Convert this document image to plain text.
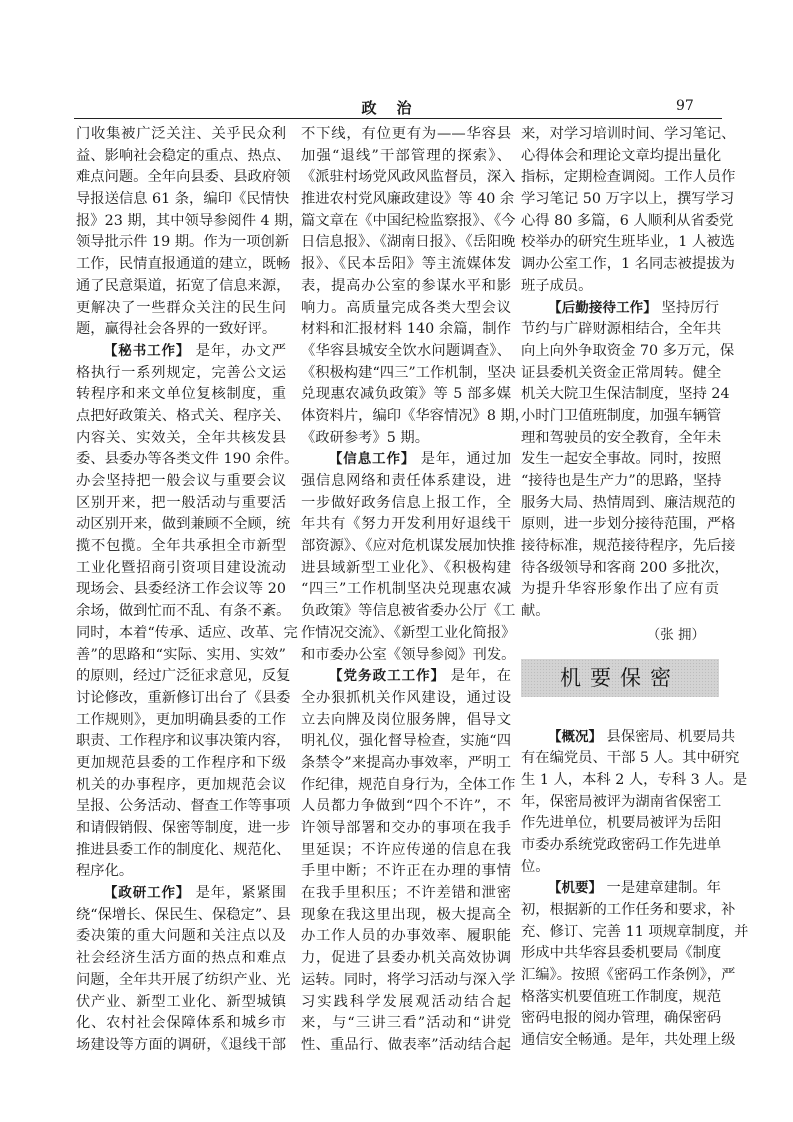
政治	97
门收集被广泛关注、关乎民众利
益、影响社会稳定的重点、热点、
难点问题。全年向县委、县政府领
导报送信息 61 条，编印《民情快
报》23 期，其中领导参阅件 4 期，
领导批示件 19 期。作为一项创新
工作，民情直报通道的建立，既畅
通了民意渠道，拓宽了信息来源，
更解决了一些群众关注的民生问
题，赢得社会各界的一致好评。
【秘书工作】 是年，办文严
格执行一系列规定，完善公文运
转程序和来文单位复核制度，重
点把好政策关、格式关、程序关、
内容关、实效关，全年共核发县
委、县委办等各类文件 190 余件。
办会坚持把一般会议与重要会议
区别开来，把一般活动与重要活
动区别开来，做到兼顾不全顾，统
揽不包揽。全年共承担全市新型
工业化暨招商引资项目建设流动
现场会、县委经济工作会议等 20
余场，做到忙而不乱、有条不紊。
同时，本着“传承、适应、改革、完
善”的思路和“实际、实用、实效”
的原则，经过广泛征求意见，反复
讨论修改，重新修订出台了《县委
工作规则》，更加明确县委的工作
职责、工作程序和议事决策内容，
更加规范县委的工作程序和下级
机关的办事程序，更加规范会议
呈报、公务活动、督查工作等事项
和请假销假、保密等制度，进一步
推进县委工作的制度化、规范化、
程序化。
【政研工作】 是年，紧紧围
绕“保增长、保民生、保稳定”、县
委决策的重大问题和关注点以及
社会经济生活方面的热点和难点
问题，全年共开展了纺织产业、光
伏产业、新型工业化、新型城镇
化、农村社会保障体系和城乡市
场建设等方面的调研，《退线干部
不下线，有位更有为——华容县
加强“退线”干部管理的探索》、
《派驻村场党风政风监督员，深入
推进农村党风廉政建设》等 40 余
篇文章在《中国纪检监察报》、《今
日信息报》、《湖南日报》、《岳阳晚
报》、《民本岳阳》等主流媒体发
表，提高办公室的参谋水平和影
响力。高质量完成各类大型会议
材料和汇报材料 140 余篇，制作
《华容县城安全饮水问题调查》、
《积极构建“四三”工作机制，坚决
兑现惠农减负政策》等 5 部多媒
体资料片，编印《华容情况》8 期，
《政研参考》5 期。
【信息工作】 是年，通过加
强信息网络和责任体系建设，进
一步做好政务信息上报工作，全
年共有《努力开发利用好退线干
部资源》、《应对危机谋发展加快推
进县域新型工业化》、《积极构建
“四三”工作机制坚决兑现惠农减
负政策》等信息被省委办公厅《工
作情况交流》、《新型工业化简报》
和市委办公室《领导参阅》刊发。
【党务政工工作】 是年，在
全办狠抓机关作风建设，通过设
立去向牌及岗位服务牌，倡导文
明礼仪，强化督导检查，实施“四
条禁令”来提高办事效率，严明工
作纪律，规范自身行为，全体工作
人员都力争做到“四个不许”，不
许领导部署和交办的事项在我手
里延误；不许应传递的信息在我
手里中断；不许正在办理的事情
在我手里积压；不许差错和泄密
现象在我这里出现，极大提高全
办工作人员的办事效率、履职能
力，促进了县委办机关高效协调
运转。同时，将学习活动与深入学
习实践科学发展观活动结合起
来，与“三讲三看”活动和“讲党
性、重品行、做表率”活动结合起
来，对学习培训时间、学习笔记、
心得体会和理论文章均提出量化
指标，定期检查调阅。工作人员作
学习笔记 50 万字以上，撰写学习
心得 80 多篇，6 人顺利从省委党
校举办的研究生班毕业，1 人被选
调办公室工作，1 名同志被提拔为
班子成员。
【后勤接待工作】 坚持厉行
节约与广辟财源相结合，全年共
向上向外争取资金 70 多万元，保
证县委机关资金正常周转。健全
机关大院卫生保洁制度，坚持 24
小时门卫值班制度，加强车辆管
理和驾驶员的安全教育，全年未
发生一起安全事故。同时，按照
“接待也是生产力”的思路，坚持
服务大局、热情周到、廉洁规范的
原则，进一步划分接待范围，严格
接待标准，规范接待程序，先后接
待各级领导和客商 200 多批次，
为提升华容形象作出了应有贡
献。
（张 拥）
机要保密
【概况】 县保密局、机要局共
有在编党员、干部 5 人。其中研究
生 1 人，本科 2 人，专科 3 人。是
年，保密局被评为湖南省保密工
作先进单位，机要局被评为岳阳
市委办系统党政密码工作先进单
位。
【机要】 一是建章建制。年
初，根据新的工作任务和要求，补
充、修订、完善 11 项规章制度，并
形成中共华容县委机要局《制度
汇编》。按照《密码工作条例》，严
格落实机要值班工作制度，规范
密码电报的阅办管理，确保密码
通信安全畅通。是年，共处理上级
